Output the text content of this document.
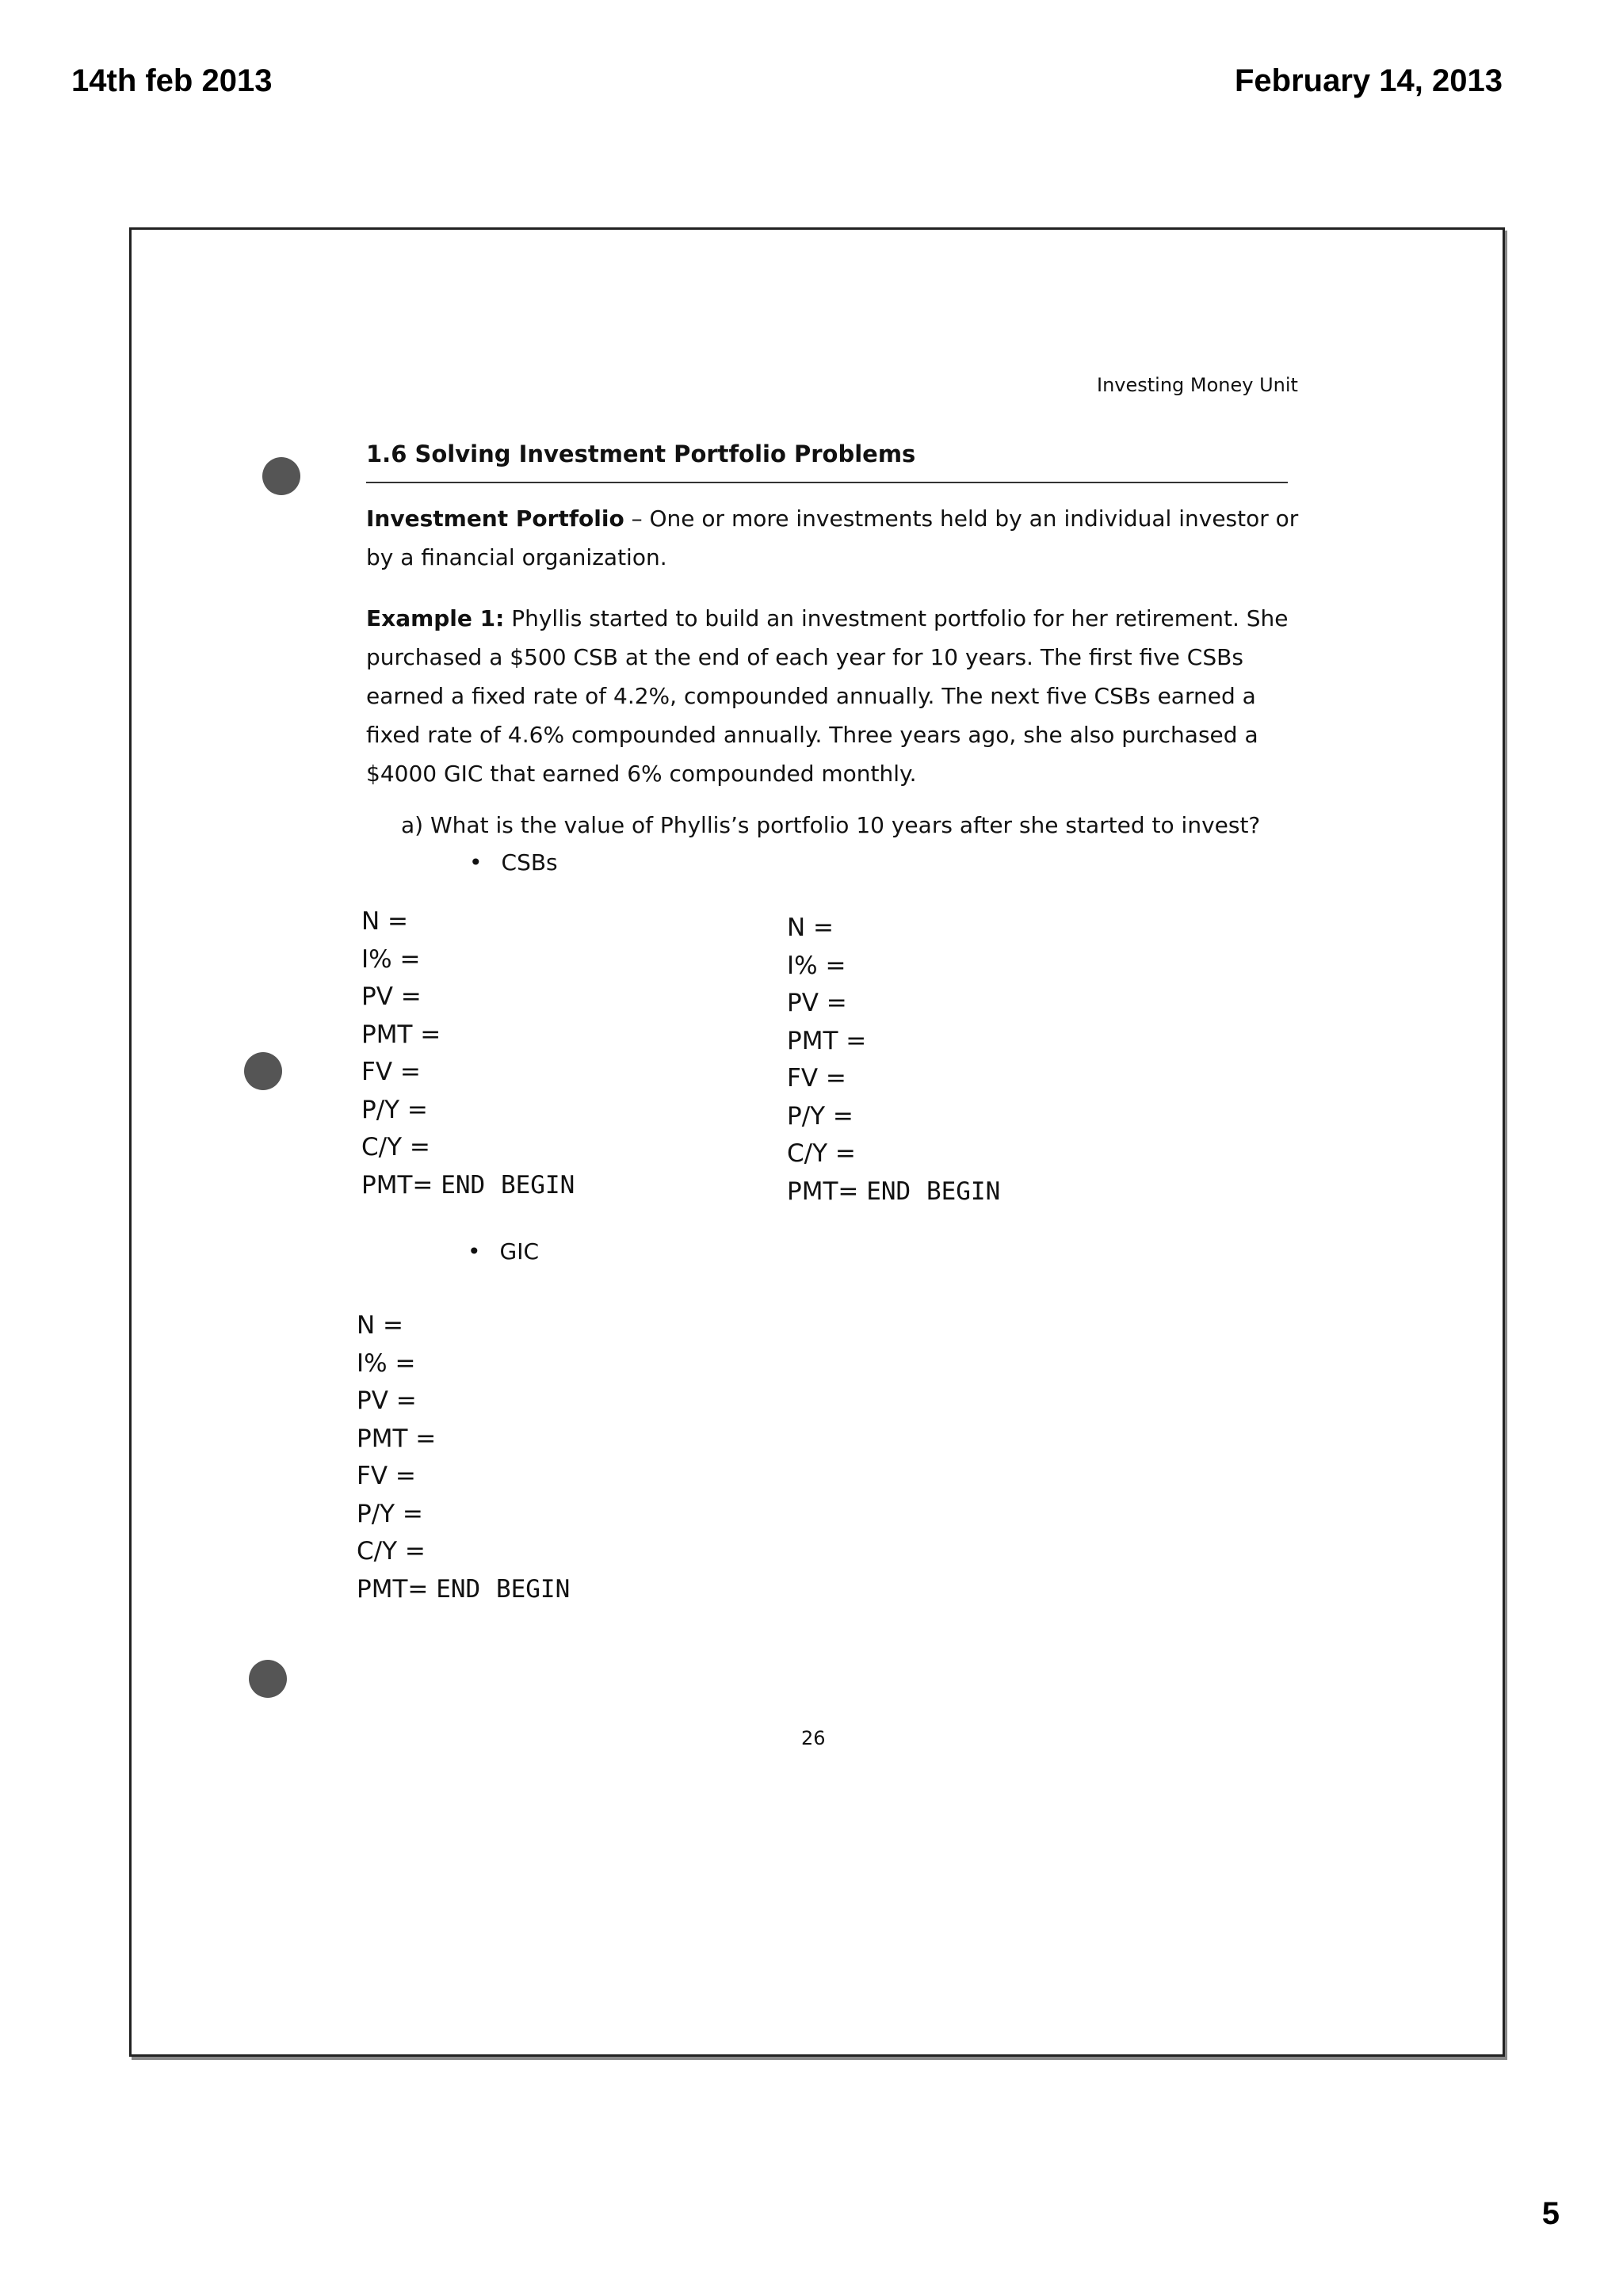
14th feb 2013	February 14, 2013
Investing Money Unit
1.6 Solving Investment Portfolio Problems
Investment Portfolio – One or more investments held by an individual investor or by a financial organization.
Example 1: Phyllis started to build an investment portfolio for her retirement. She purchased a $500 CSB at the end of each year for 10 years. The first five CSBs earned a fixed rate of 4.2%, compounded annually. The next five CSBs earned a fixed rate of 4.6% compounded annually. Three years ago, she also purchased a $4000 GIC that earned 6% compounded monthly.
a) What is the value of Phyllis’s portfolio 10 years after she started to invest?
• CSBs
N =
I% =
PV =
PMT =
FV =
P/Y =
C/Y =
PMT= END BEGIN
N =
I% =
PV =
PMT =
FV =
P/Y =
C/Y =
PMT= END BEGIN
• GIC
N =
I% =
PV =
PMT =
FV =
P/Y =
C/Y =
PMT= END BEGIN
26
5
